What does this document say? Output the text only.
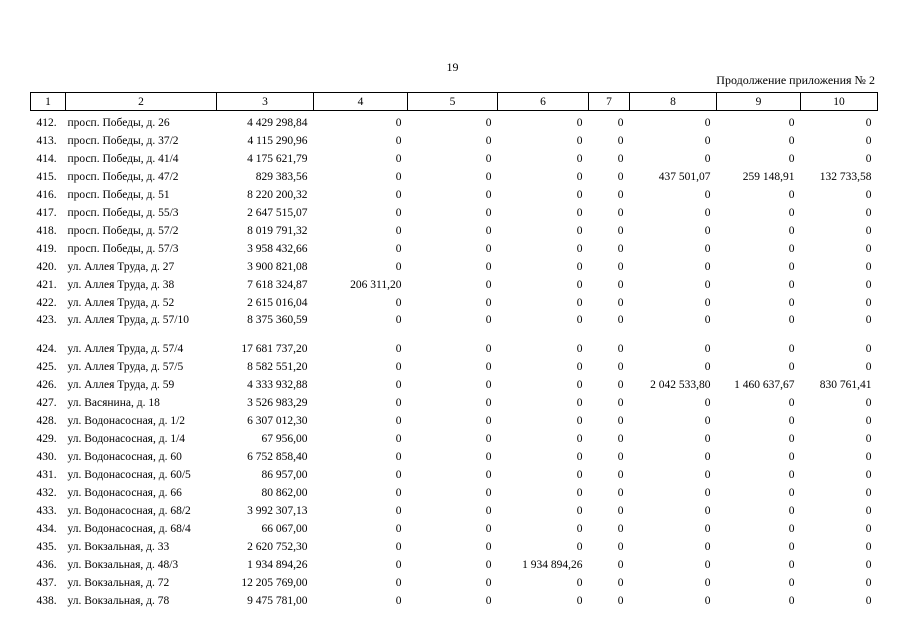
19
Продолжение приложения № 2
1	2	3	4	5	6	7	8	9	10
412.	просп. Победы, д. 26	4 429 298,84	0	0	0	0	0	0	0
413.	просп. Победы, д. 37/2	4 115 290,96	0	0	0	0	0	0	0
414.	просп. Победы, д. 41/4	4 175 621,79	0	0	0	0	0	0	0
415.	просп. Победы, д. 47/2	829 383,56	0	0	0	0	437 501,07	259 148,91	132 733,58
416.	просп. Победы, д. 51	8 220 200,32	0	0	0	0	0	0	0
417.	просп. Победы, д. 55/3	2 647 515,07	0	0	0	0	0	0	0
418.	просп. Победы, д. 57/2	8 019 791,32	0	0	0	0	0	0	0
419.	просп. Победы, д. 57/3	3 958 432,66	0	0	0	0	0	0	0
420.	ул. Аллея Труда, д. 27	3 900 821,08	0	0	0	0	0	0	0
421.	ул. Аллея Труда, д. 38	7 618 324,87	206 311,20	0	0	0	0	0	0
422.	ул. Аллея Труда, д. 52	2 615 016,04	0	0	0	0	0	0	0
423.	ул. Аллея Труда, д. 57/10	8 375 360,59	0	0	0	0	0	0	0
424.	ул. Аллея Труда, д. 57/4	17 681 737,20	0	0	0	0	0	0	0
425.	ул. Аллея Труда, д. 57/5	8 582 551,20	0	0	0	0	0	0	0
426.	ул. Аллея Труда, д. 59	4 333 932,88	0	0	0	0	2 042 533,80	1 460 637,67	830 761,41
427.	ул. Васянина, д. 18	3 526 983,29	0	0	0	0	0	0	0
428.	ул. Водонасосная, д. 1/2	6 307 012,30	0	0	0	0	0	0	0
429.	ул. Водонасосная, д. 1/4	67 956,00	0	0	0	0	0	0	0
430.	ул. Водонасосная, д. 60	6 752 858,40	0	0	0	0	0	0	0
431.	ул. Водонасосная, д. 60/5	86 957,00	0	0	0	0	0	0	0
432.	ул. Водонасосная, д. 66	80 862,00	0	0	0	0	0	0	0
433.	ул. Водонасосная, д. 68/2	3 992 307,13	0	0	0	0	0	0	0
434.	ул. Водонасосная, д. 68/4	66 067,00	0	0	0	0	0	0	0
435.	ул. Вокзальная, д. 33	2 620 752,30	0	0	0	0	0	0	0
436.	ул. Вокзальная, д. 48/3	1 934 894,26	0	0	1 934 894,26	0	0	0	0
437.	ул. Вокзальная, д. 72	12 205 769,00	0	0	0	0	0	0	0
438.	ул. Вокзальная, д. 78	9 475 781,00	0	0	0	0	0	0	0
